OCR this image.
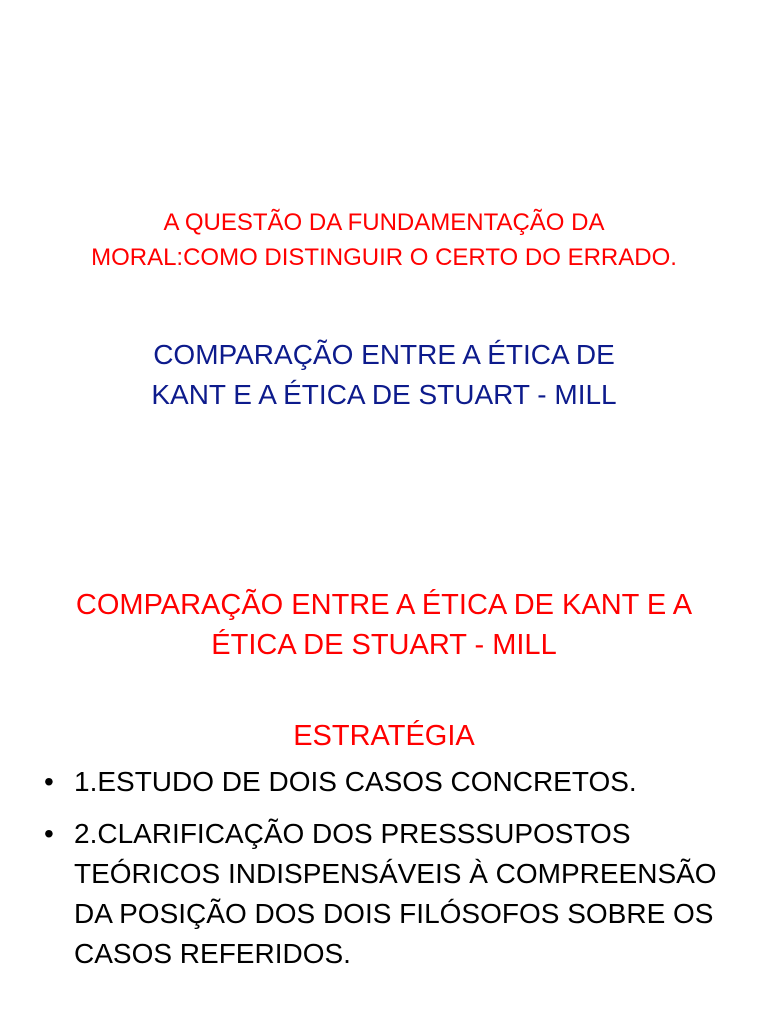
A QUESTÃO DA FUNDAMENTAÇÃO DA
MORAL:COMO DISTINGUIR O CERTO DO ERRADO.
COMPARAÇÃO ENTRE A ÉTICA DE
KANT E A ÉTICA DE STUART - MILL
COMPARAÇÃO ENTRE A ÉTICA DE KANT E A
ÉTICA DE STUART - MILL
ESTRATÉGIA
• 1.ESTUDO DE DOIS CASOS CONCRETOS.
• 2.CLARIFICAÇÃO DOS PRESSSUPOSTOS
TEÓRICOS INDISPENSÁVEIS À COMPREENSÃO
DA POSIÇÃO DOS DOIS FILÓSOFOS SOBRE OS
CASOS REFERIDOS.
